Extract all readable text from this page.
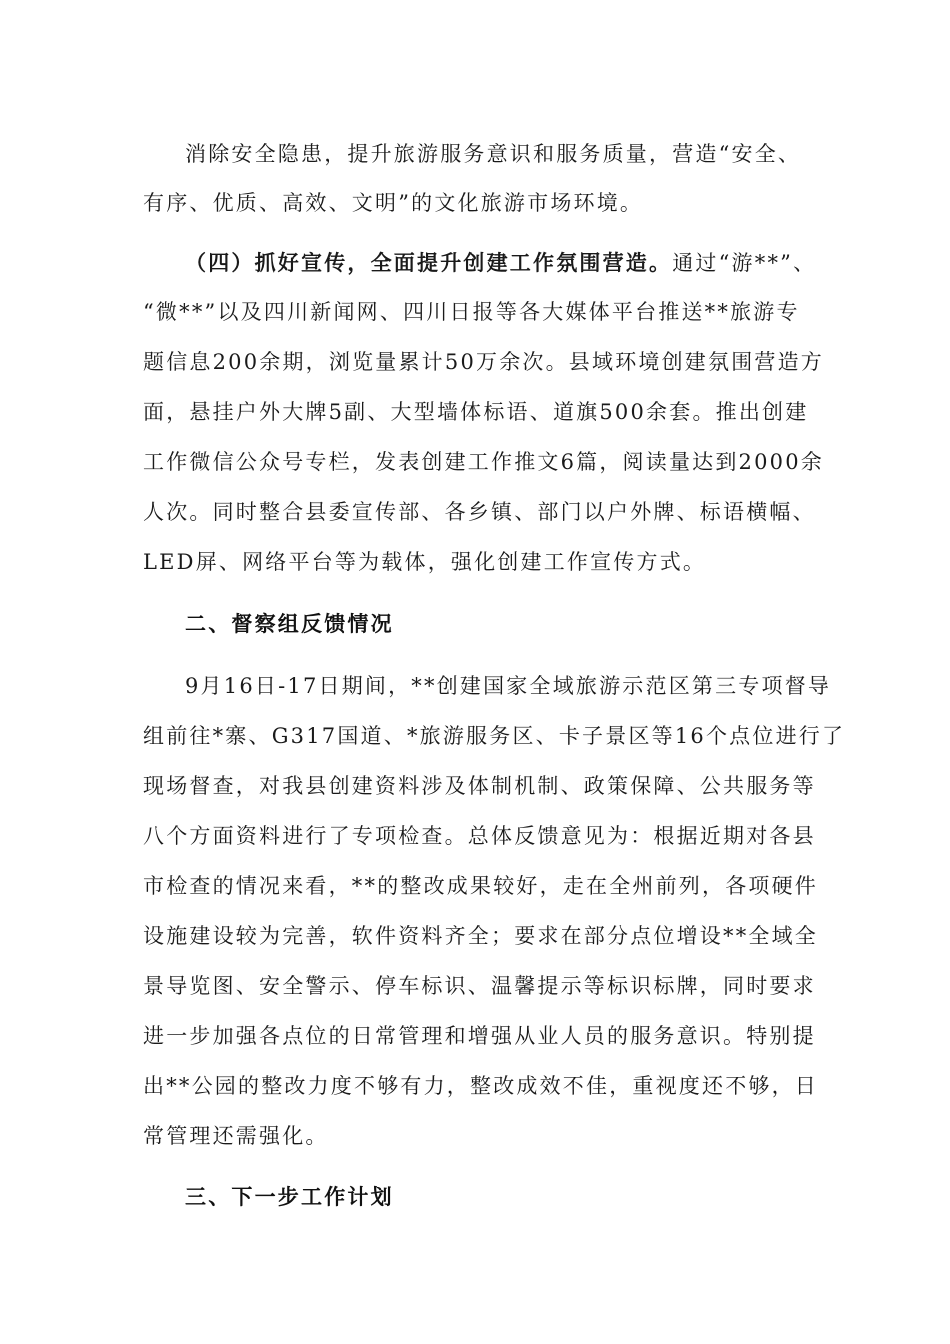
消除安全隐患，提升旅游服务意识和服务质量，营造“安全、

有序、优质、高效、文明”的文化旅游市场环境。

（四）抓好宣传，全面提升创建工作氛围营造。通过“游**”、

“微**”以及四川新闻网、四川日报等各大媒体平台推送**旅游专

题信息200余期，浏览量累计50万余次。县域环境创建氛围营造方

面，悬挂户外大牌5副、大型墙体标语、道旗500余套。推出创建

工作微信公众号专栏，发表创建工作推文6篇，阅读量达到2000余

人次。同时整合县委宣传部、各乡镇、部门以户外牌、标语横幅、

LED屏、网络平台等为载体，强化创建工作宣传方式。

二、督察组反馈情况

9月16日-17日期间，**创建国家全域旅游示范区第三专项督导

组前往*寨、G317国道、*旅游服务区、卡子景区等16个点位进行了

现场督查，对我县创建资料涉及体制机制、政策保障、公共服务等

八个方面资料进行了专项检查。总体反馈意见为：根据近期对各县

市检查的情况来看，**的整改成果较好，走在全州前列，各项硬件

设施建设较为完善，软件资料齐全；要求在部分点位增设**全域全

景导览图、安全警示、停车标识、温馨提示等标识标牌，同时要求

进一步加强各点位的日常管理和增强从业人员的服务意识。特别提

出**公园的整改力度不够有力，整改成效不佳，重视度还不够，日

常管理还需强化。

三、下一步工作计划
